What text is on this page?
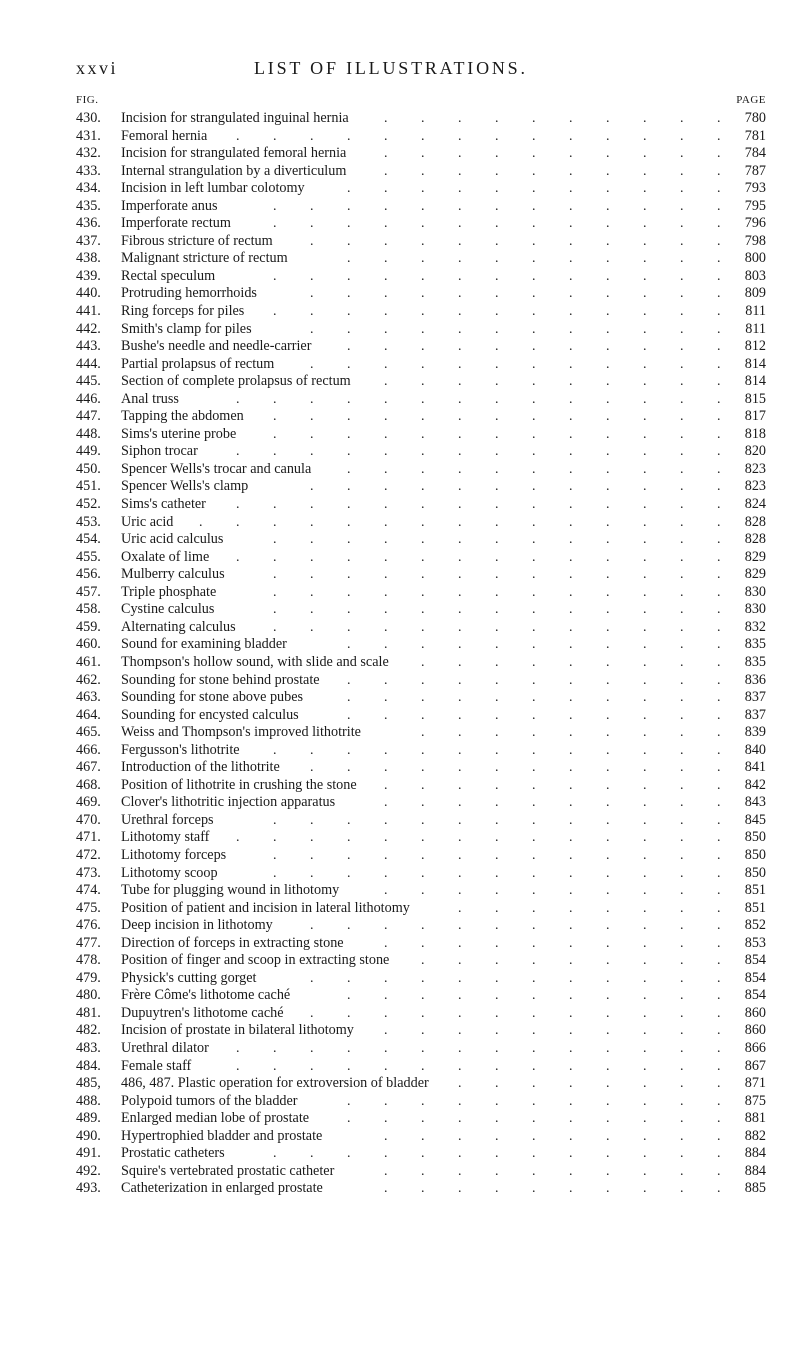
xxvi	LIST OF ILLUSTRATIONS.
FIG.	PAGE
430. Incision for strangulated inguinal hernia	780
. . . . . . . . . .
431. Femoral hernia	781
. . . . . . . . . . . . . .
432. Incision for strangulated femoral hernia	784
. . . . . . . . . .
433. Internal strangulation by a diverticulum	787
. . . . . . . . . .
434. Incision in left lumbar colotomy	793
. . . . . . . . . . .
435. Imperforate anus	795
. . . . . . . . . . . . .
436. Imperforate rectum	796
. . . . . . . . . . . . .
437. Fibrous stricture of rectum	798
. . . . . . . . . . . .
438. Malignant stricture of rectum	800
. . . . . . . . . . .
439. Rectal speculum	803
. . . . . . . . . . . . .
440. Protruding hemorrhoids	809
. . . . . . . . . . . .
441. Ring forceps for piles	811
. . . . . . . . . . . . .
442. Smith's clamp for piles	811
. . . . . . . . . . . .
443. Bushe's needle and needle-carrier	812
. . . . . . . . . . .
444. Partial prolapsus of rectum	814
. . . . . . . . . . . .
445. Section of complete prolapsus of rectum	814
. . . . . . . . . .
446. Anal truss	815
. . . . . . . . . . . . . .
447. Tapping the abdomen	817
. . . . . . . . . . . . .
448. Sims's uterine probe	818
. . . . . . . . . . . . .
449. Siphon trocar	820
. . . . . . . . . . . . . .
450. Spencer Wells's trocar and canula	823
. . . . . . . . . . .
451. Spencer Wells's clamp	823
. . . . . . . . . . . .
452. Sims's catheter	824
. . . . . . . . . . . . . .
453. Uric acid	828
. . . . . . . . . . . . . . .
454. Uric acid calculus	828
. . . . . . . . . . . . .
455. Oxalate of lime	829
. . . . . . . . . . . . . .
456. Mulberry calculus	829
. . . . . . . . . . . . .
457. Triple phosphate	830
. . . . . . . . . . . . .
458. Cystine calculus	830
. . . . . . . . . . . . .
459. Alternating calculus	832
. . . . . . . . . . . . .
460. Sound for examining bladder	835
. . . . . . . . . . .
461. Thompson's hollow sound, with slide and scale	835
. . . . . . . . .
462. Sounding for stone behind prostate	836
. . . . . . . . . . .
463. Sounding for stone above pubes	837
. . . . . . . . . . .
464. Sounding for encysted calculus	837
. . . . . . . . . . .
465. Weiss and Thompson's improved lithotrite	839
. . . . . . . . .
466. Fergusson's lithotrite	840
. . . . . . . . . . . . .
467. Introduction of the lithotrite	841
. . . . . . . . . . . .
468. Position of lithotrite in crushing the stone	842
. . . . . . . . . .
469. Clover's lithotritic injection apparatus	843
. . . . . . . . . .
470. Urethral forceps	845
. . . . . . . . . . . . .
471. Lithotomy staff	850
. . . . . . . . . . . . . .
472. Lithotomy forceps	850
. . . . . . . . . . . . .
473. Lithotomy scoop	850
. . . . . . . . . . . . .
474. Tube for plugging wound in lithotomy	851
. . . . . . . . . .
475. Position of patient and incision in lateral lithotomy	851
. . . . . . . .
476. Deep incision in lithotomy	852
. . . . . . . . . . . .
477. Direction of forceps in extracting stone	853
. . . . . . . . . .
478. Position of finger and scoop in extracting stone	854
. . . . . . . . .
479. Physick's cutting gorget	854
. . . . . . . . . . . .
480. Frère Côme's lithotome caché	854
. . . . . . . . . . .
481. Dupuytren's lithotome caché	860
. . . . . . . . . . . .
482. Incision of prostate in bilateral lithotomy	860
. . . . . . . . . .
483. Urethral dilator	866
. . . . . . . . . . . . . .
484. Female staff	867
. . . . . . . . . . . . . .
485, 486, 487. Plastic operation for extroversion of bladder	871
. . . . . . . .
488. Polypoid tumors of the bladder	875
. . . . . . . . . . .
489. Enlarged median lobe of prostate	881
. . . . . . . . . . .
490. Hypertrophied bladder and prostate	882
. . . . . . . . . .
491. Prostatic catheters	884
. . . . . . . . . . . . .
492. Squire's vertebrated prostatic catheter	884
. . . . . . . . . .
493. Catheterization in enlarged prostate	885
. . . . . . . . . .
